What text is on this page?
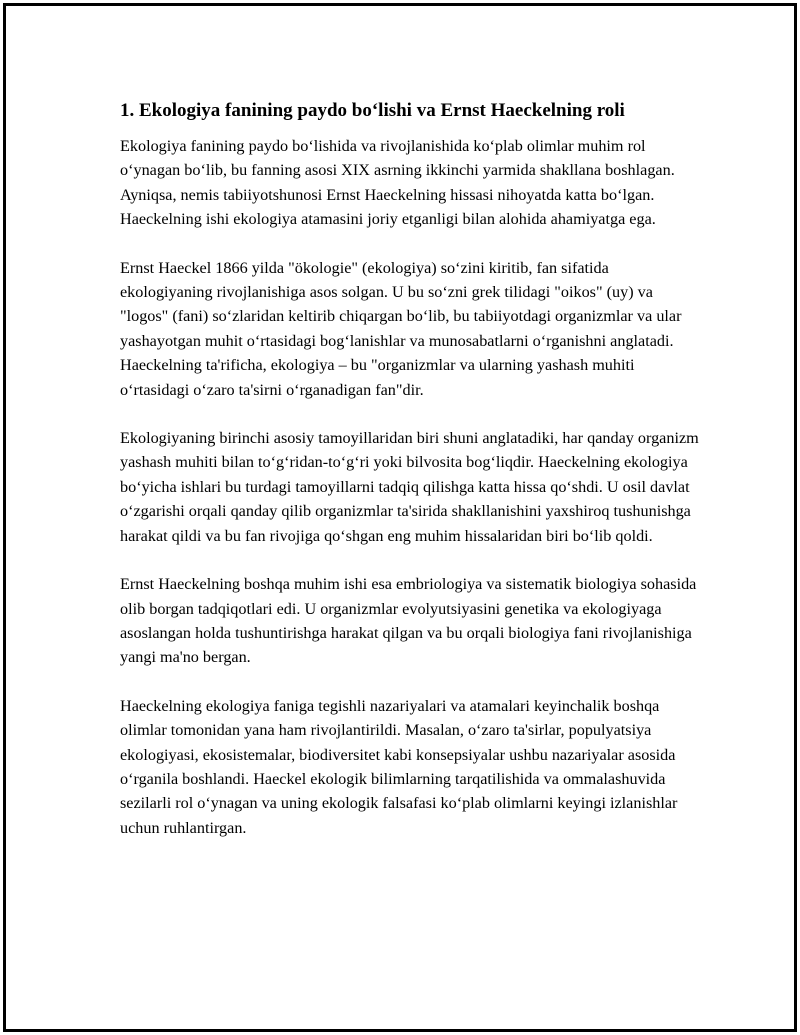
1. Ekologiya fanining paydo bo‘lishi va Ernst Haeckelning roli

Ekologiya fanining paydo bo‘lishida va rivojlanishida ko‘plab olimlar muhim rol o‘ynagan bo‘lib, bu fanning asosi XIX asrning ikkinchi yarmida shakllana boshlagan. Ayniqsa, nemis tabiiyotshunosi Ernst Haeckelning hissasi nihoyatda katta bo‘lgan. Haeckelning ishi ekologiya atamasini joriy etganligi bilan alohida ahamiyatga ega.

Ernst Haeckel 1866 yilda "ökologie" (ekologiya) so‘zini kiritib, fan sifatida ekologiyaning rivojlanishiga asos solgan. U bu so‘zni grek tilidagi "oikos" (uy) va "logos" (fani) so‘zlaridan keltirib chiqargan bo‘lib, bu tabiiyotdagi organizmlar va ular yashayotgan muhit o‘rtasidagi bog‘lanishlar va munosabatlarni o‘rganishni anglatadi. Haeckelning ta'rificha, ekologiya – bu "organizmlar va ularning yashash muhiti o‘rtasidagi o‘zaro ta'sirni o‘rganadigan fan"dir.

Ekologiyaning birinchi asosiy tamoyillaridan biri shuni anglatadiki, har qanday organizm yashash muhiti bilan to‘g‘ridan-to‘g‘ri yoki bilvosita bog‘liqdir. Haeckelning ekologiya bo‘yicha ishlari bu turdagi tamoyillarni tadqiq qilishga katta hissa qo‘shdi. U osil davlat o‘zgarishi orqali qanday qilib organizmlar ta'sirida shakllanishini yaxshiroq tushunishga harakat qildi va bu fan rivojiga qo‘shgan eng muhim hissalaridan biri bo‘lib qoldi.

Ernst Haeckelning boshqa muhim ishi esa embriologiya va sistematik biologiya sohasida olib borgan tadqiqotlari edi. U organizmlar evolyutsiyasini genetika va ekologiyaga asoslangan holda tushuntirishga harakat qilgan va bu orqali biologiya fani rivojlanishiga yangi ma'no bergan.

Haeckelning ekologiya faniga tegishli nazariyalari va atamalari keyinchalik boshqa olimlar tomonidan yana ham rivojlantirildi. Masalan, o‘zaro ta'sirlar, populyatsiya ekologiyasi, ekosistemalar, biodiversitet kabi konsepsiyalar ushbu nazariyalar asosida o‘rganila boshlandi. Haeckel ekologik bilimlarning tarqatilishida va ommalashuvida sezilarli rol o‘ynagan va uning ekologik falsafasi ko‘plab olimlarni keyingi izlanishlar uchun ruhlantirgan.
